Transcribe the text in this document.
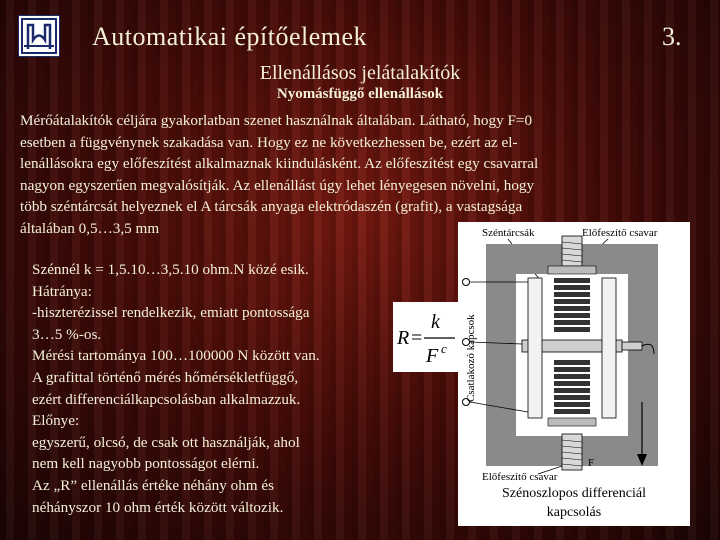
Automatikai építőelemek	3.
Ellenállásos jelátalakítók
Nyomásfüggő ellenállások
Mérőátalakítók céljára gyakorlatban szenet használnak általában. Látható, hogy F=0
esetben a függvénynek szakadása van. Hogy ez ne következhessen be, ezért az el-
lenállásokra egy előfeszítést alkalmaznak kiindulásként. Az előfeszítést egy csavarral
nagyon egyszerűen megvalósítják. Az ellenállást úgy lehet lényegesen növelni, hogy
több széntárcsát helyeznek el A tárcsák anyaga elektródaszén (grafit), a vastagsága
általában 0,5…3,5 mm
Szénnél k = 1,5.10…3,5.10 ohm.N közé esik.
Hátránya:
-hiszterézissel rendelkezik, emiatt pontossága
3…5 %-os.
Mérési tartománya 100…100000 N között van.
A grafittal történő mérés hőmérsékletfüggő,
ezért differenciálkapcsolásban alkalmazzuk.
Előnye:
egyszerű, olcsó, de csak ott használják, ahol
nem kell nagyobb pontosságot elérni.
Az „R” ellenállás értéke néhány ohm és
néhányszor 10 ohm érték között változik.
R =
k
F c
Széntárcsák	Előfeszítő csavar
Csatlakozó kapcsok
F
Előfeszítő csavar
Szénoszlopos differenciál
kapcsolás
